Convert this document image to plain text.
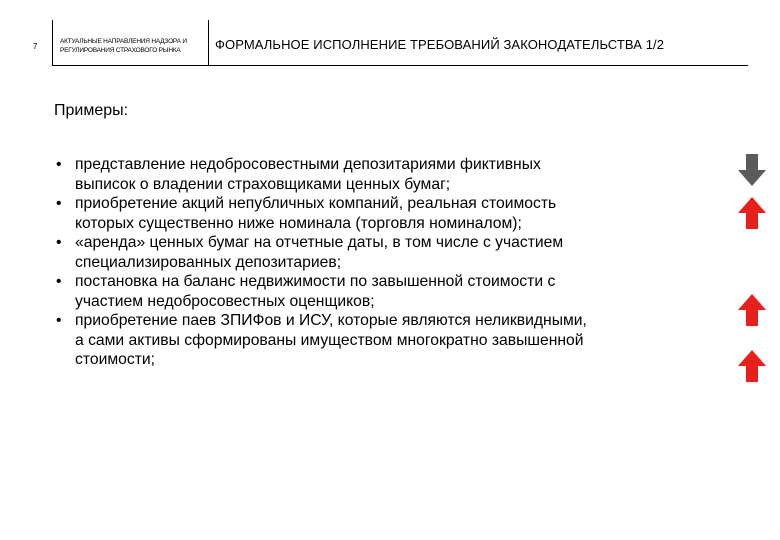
7
АКТУАЛЬНЫЕ НАПРАВЛЕНИЯ НАДЗОРА И
РЕГУЛИРОВАНИЯ СТРАХОВОГО РЫНКА	ФОРМАЛЬНОЕ ИСПОЛНЕНИЕ ТРЕБОВАНИЙ ЗАКОНОДАТЕЛЬСТВА 1/2
Примеры:
• представление недобросовестными депозитариями фиктивных
выписок о владении страховщиками ценных бумаг;
• приобретение акций непубличных компаний, реальная стоимость
которых существенно ниже номинала (торговля номиналом);
• «аренда» ценных бумаг на отчетные даты, в том числе с участием
специализированных депозитариев;
• постановка на баланс недвижимости по завышенной стоимости с
участием недобросовестных оценщиков;
• приобретение паев ЗПИФов и ИСУ, которые являются неликвидными,
а сами активы сформированы имуществом многократно завышенной
стоимости;
